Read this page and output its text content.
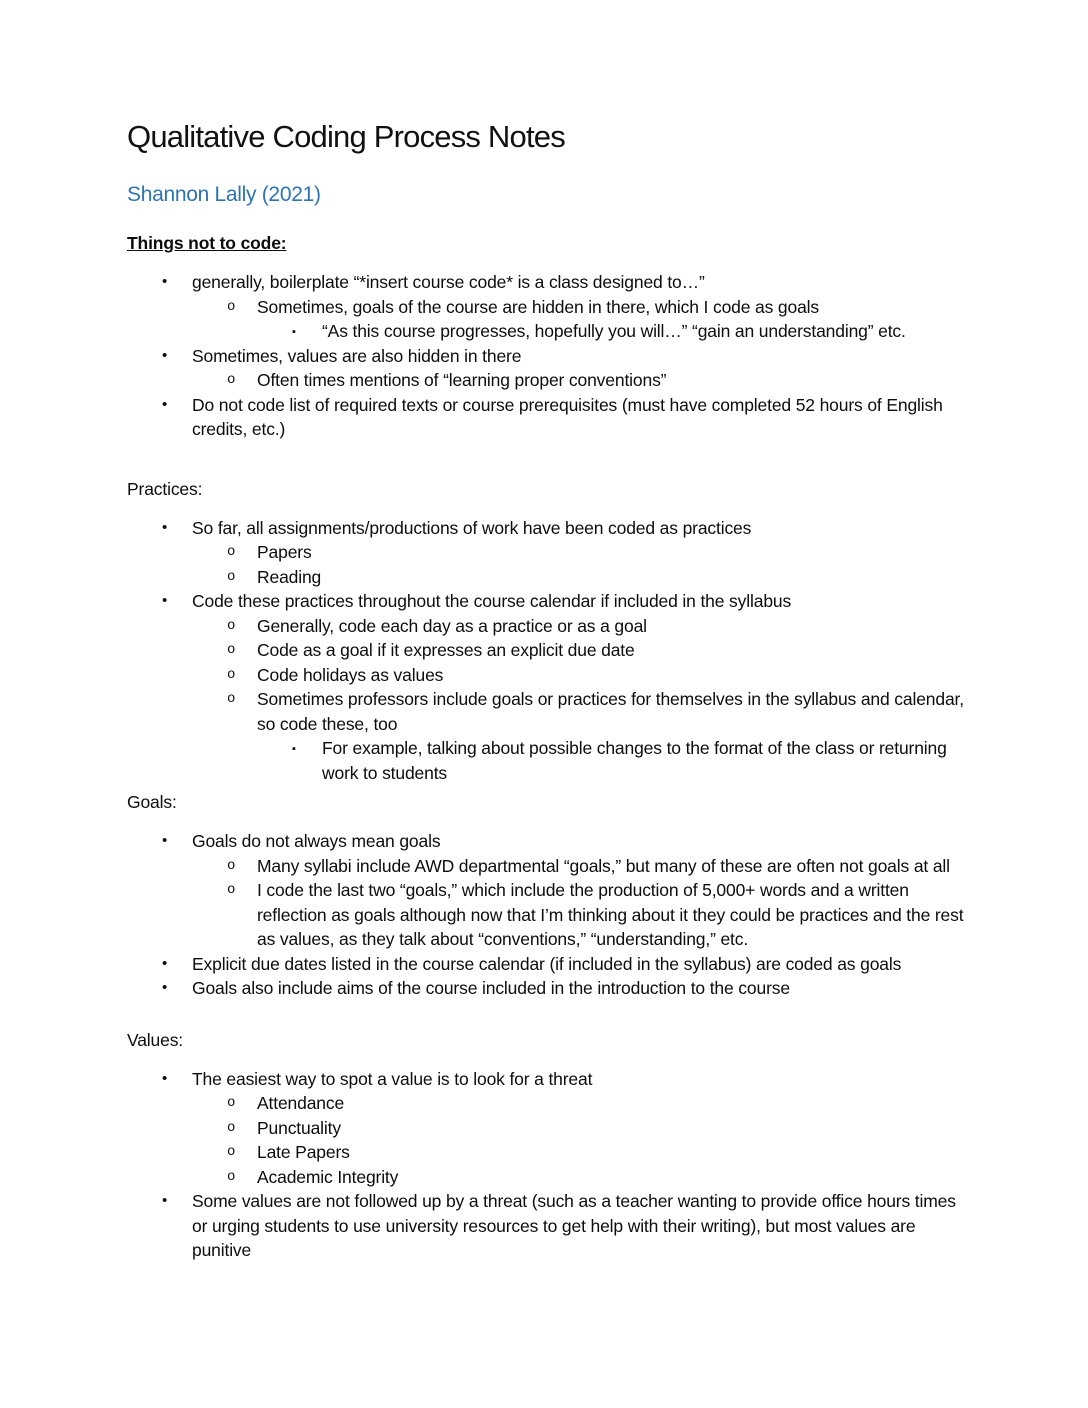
Qualitative Coding Process Notes
Shannon Lally (2021)
Things not to code:
• generally, boilerplate “*insert course code* is a class designed to…”
o Sometimes, goals of the course are hidden in there, which I code as goals
▪ “As this course progresses, hopefully you will…” “gain an understanding” etc.
• Sometimes, values are also hidden in there
o Often times mentions of “learning proper conventions”
• Do not code list of required texts or course prerequisites (must have completed 52 hours of English credits, etc.)
Practices:
• So far, all assignments/productions of work have been coded as practices
o Papers
o Reading
• Code these practices throughout the course calendar if included in the syllabus
o Generally, code each day as a practice or as a goal
o Code as a goal if it expresses an explicit due date
o Code holidays as values
o Sometimes professors include goals or practices for themselves in the syllabus and calendar, so code these, too
▪ For example, talking about possible changes to the format of the class or returning work to students
Goals:
• Goals do not always mean goals
o Many syllabi include AWD departmental “goals,” but many of these are often not goals at all
o I code the last two “goals,” which include the production of 5,000+ words and a written reflection as goals although now that I’m thinking about it they could be practices and the rest as values, as they talk about “conventions,” “understanding,” etc.
• Explicit due dates listed in the course calendar (if included in the syllabus) are coded as goals
• Goals also include aims of the course included in the introduction to the course
Values:
• The easiest way to spot a value is to look for a threat
o Attendance
o Punctuality
o Late Papers
o Academic Integrity
• Some values are not followed up by a threat (such as a teacher wanting to provide office hours times or urging students to use university resources to get help with their writing), but most values are punitive
